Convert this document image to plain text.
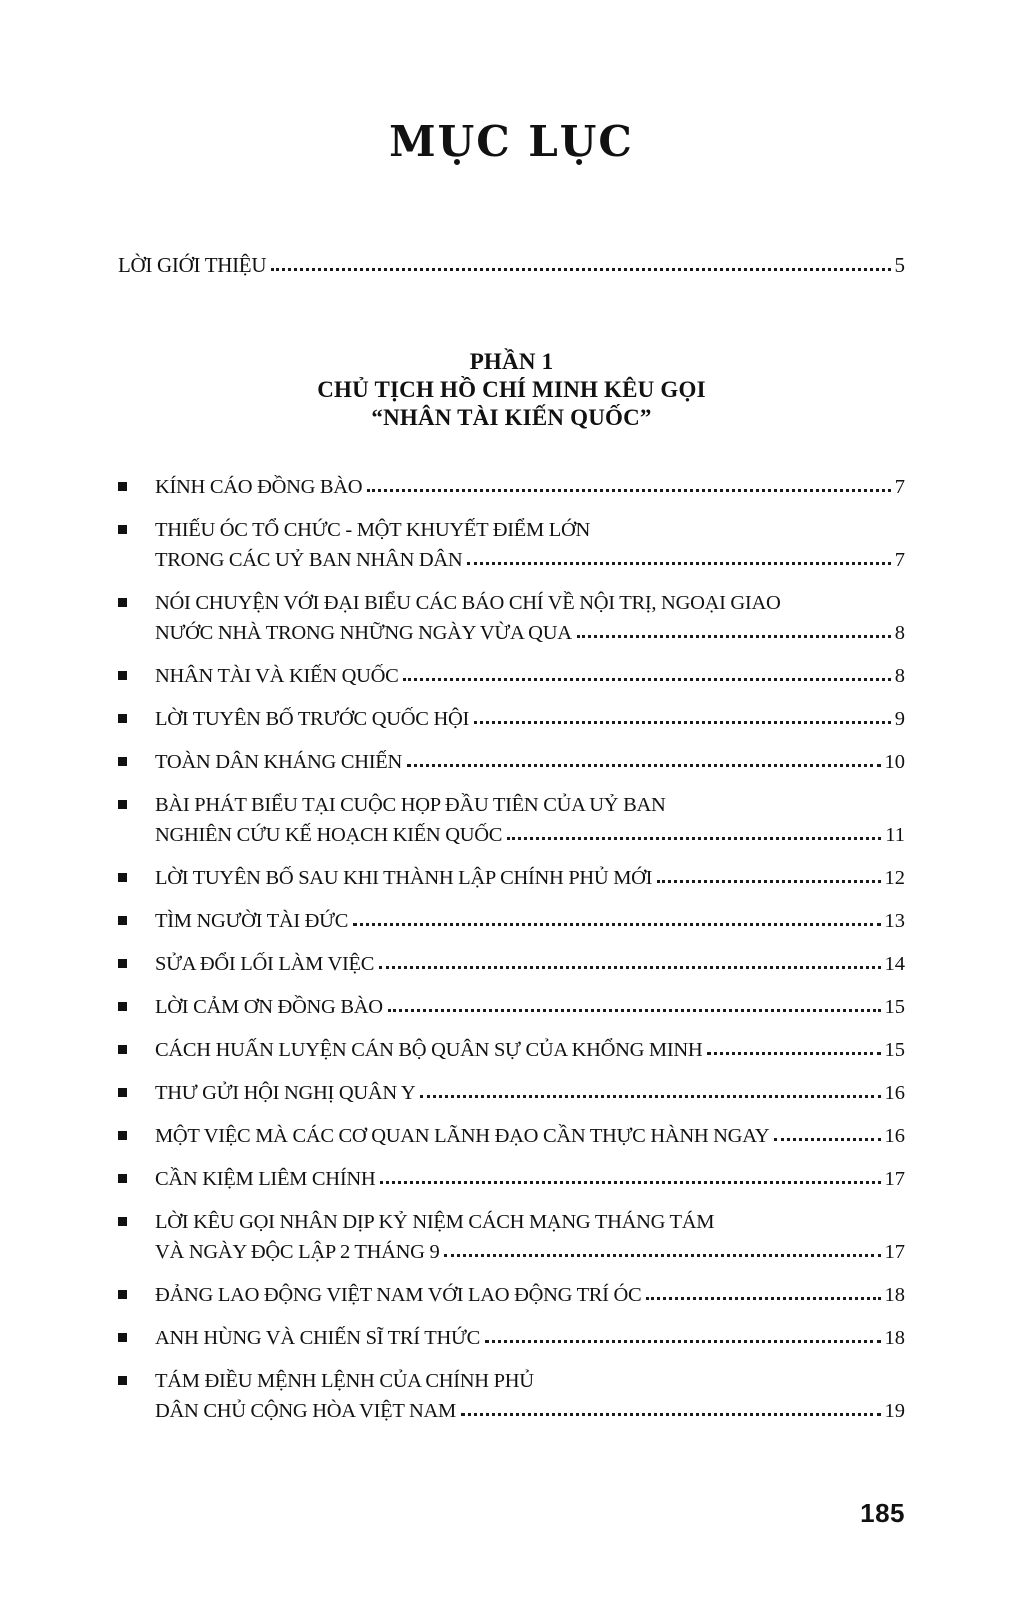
MỤC LỤC
LỜI GIỚI THIỆU	5
PHẦN 1
CHỦ TỊCH HỒ CHÍ MINH KÊU GỌI
“NHÂN TÀI KIẾN QUỐC”
KÍNH CÁO ĐỒNG BÀO	7
THIẾU ÓC TỔ CHỨC - MỘT KHUYẾT ĐIỂM LỚN
TRONG CÁC UỶ BAN NHÂN DÂN	7
NÓI CHUYỆN VỚI ĐẠI BIỂU CÁC BÁO CHÍ VỀ NỘI TRỊ, NGOẠI GIAO
NƯỚC NHÀ TRONG NHỮNG NGÀY VỪA QUA	8
NHÂN TÀI VÀ KIẾN QUỐC	8
LỜI TUYÊN BỐ TRƯỚC QUỐC HỘI	9
TOÀN DÂN KHÁNG CHIẾN	10
BÀI PHÁT BIỂU TẠI CUỘC HỌP ĐẦU TIÊN CỦA UỶ BAN
NGHIÊN CỨU KẾ HOẠCH KIẾN QUỐC	11
LỜI TUYÊN BỐ SAU KHI THÀNH LẬP CHÍNH PHỦ MỚI	12
TÌM NGƯỜI TÀI ĐỨC	13
SỬA ĐỔI LỐI LÀM VIỆC	14
LỜI CẢM ƠN ĐỒNG BÀO	15
CÁCH HUẤN LUYỆN CÁN BỘ QUÂN SỰ CỦA KHỔNG MINH	15
THƯ GỬI HỘI NGHỊ QUÂN Y	16
MỘT VIỆC MÀ CÁC CƠ QUAN LÃNH ĐẠO CẦN THỰC HÀNH NGAY	16
CẦN KIỆM LIÊM CHÍNH	17
LỜI KÊU GỌI NHÂN DỊP KỶ NIỆM CÁCH MẠNG THÁNG TÁM
VÀ NGÀY ĐỘC LẬP 2 THÁNG 9	17
ĐẢNG LAO ĐỘNG VIỆT NAM VỚI LAO ĐỘNG TRÍ ÓC	18
ANH HÙNG VÀ CHIẾN SĨ TRÍ THỨC	18
TÁM ĐIỀU MỆNH LỆNH CỦA CHÍNH PHỦ
DÂN CHỦ CỘNG HÒA VIỆT NAM	19
185
